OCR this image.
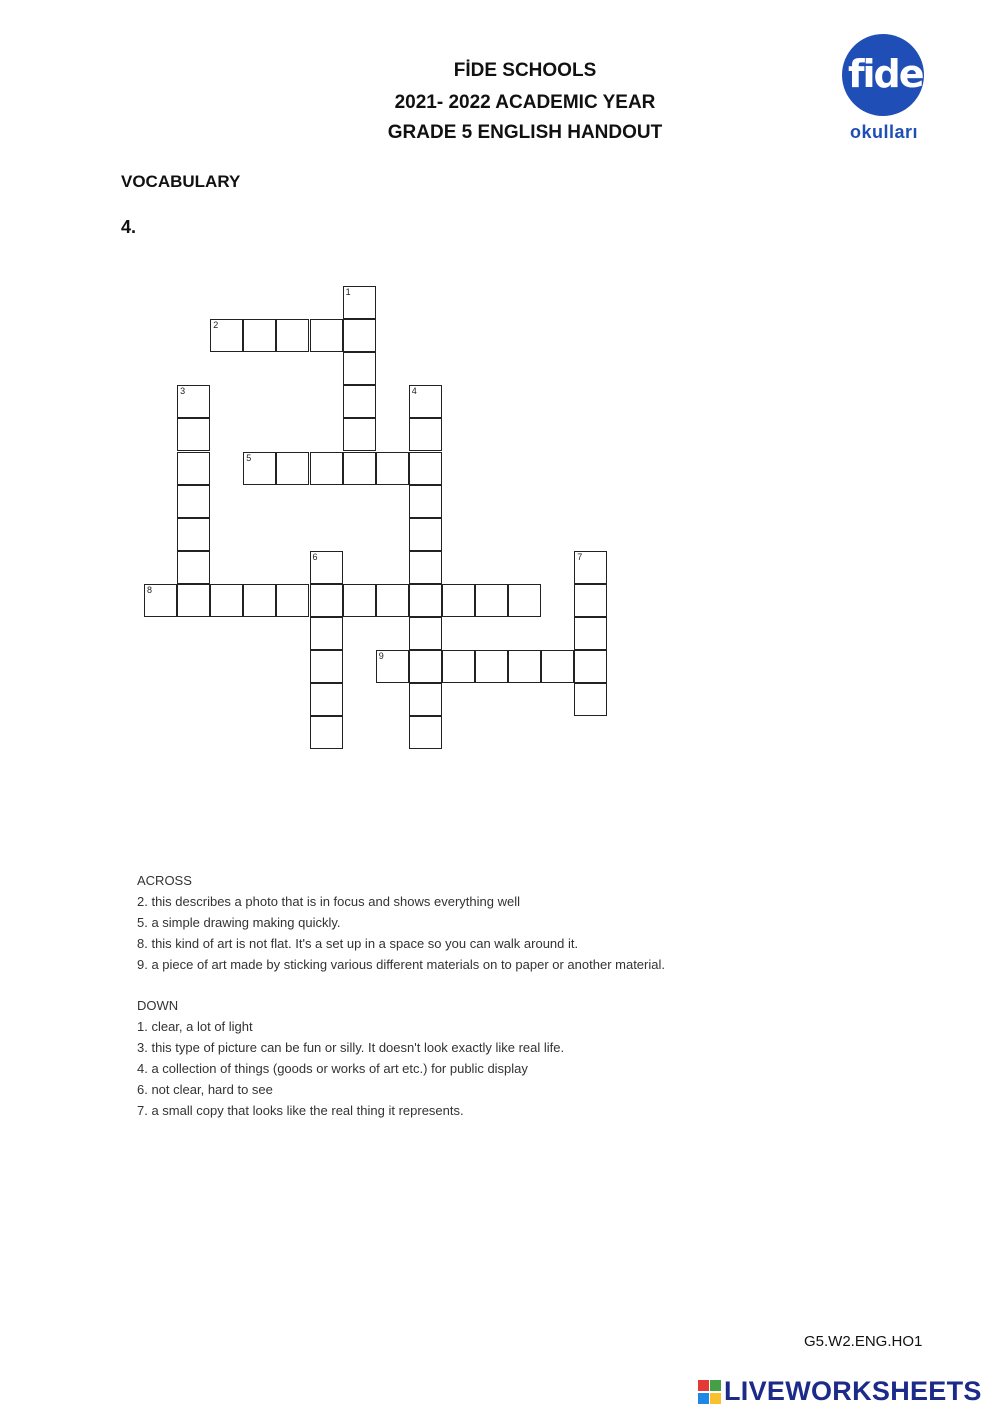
FİDE SCHOOLS
2021- 2022 ACADEMIC YEAR
GRADE 5 ENGLISH HANDOUT
fide
okulları
VOCABULARY
4.
1
2
3	4
5
6	7
8
9
ACROSS
2. this describes a photo that is in focus and shows everything well
5. a simple drawing making quickly.
8. this kind of art is not flat. It's a set up in a space so you can walk around it.
9. a piece of art made by sticking various different materials on to paper or another material.
DOWN
1. clear, a lot of light
3. this type of picture can be fun or silly. It doesn't look exactly like real life.
4. a collection of things (goods or works of art etc.) for public display
6. not clear, hard to see
7. a small copy that looks like the real thing it represents.
G5.W2.ENG.HO1
LIVEWORKSHEETS
